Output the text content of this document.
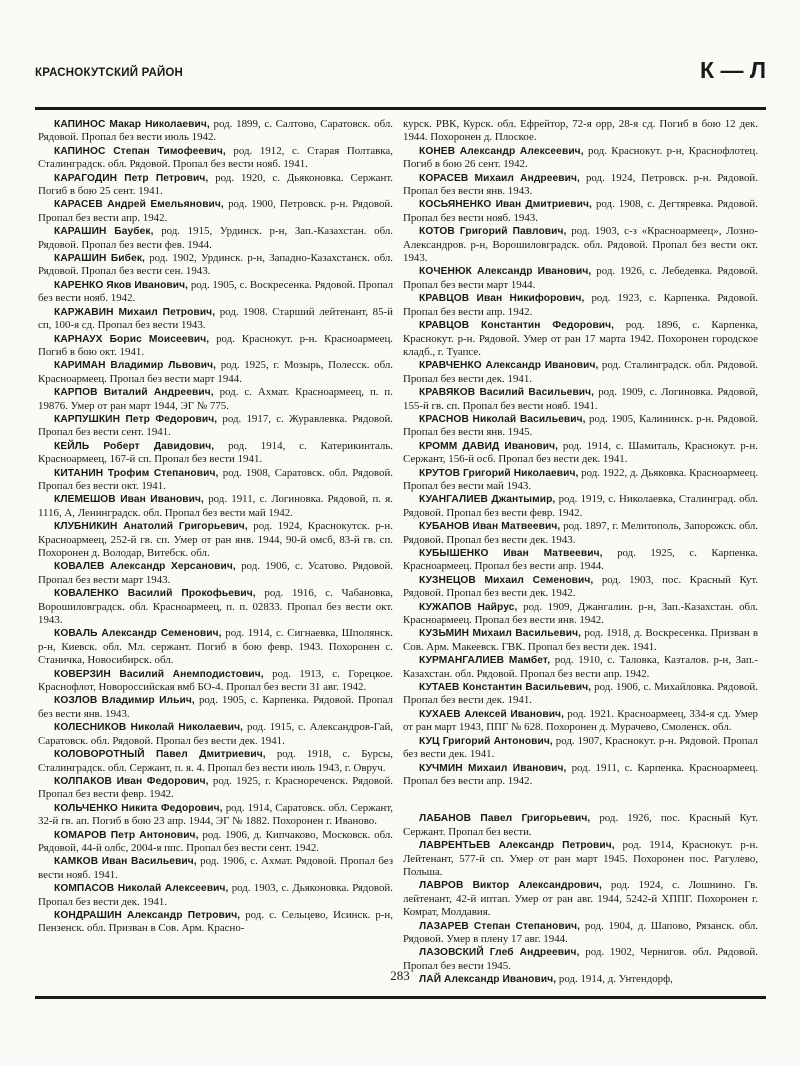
КРАСНОКУТСКИЙ РАЙОН	К — Л
КАПИНОС Макар Николаевич, род. 1899, с. Салтово, Саратовск. обл. Рядовой. Пропал без вести июль 1942.
КАПИНОС Степан Тимофеевич, род. 1912, с. Старая Полтавка, Сталинградск. обл. Рядовой. Пропал без вести нояб. 1941.
КАРАГОДИН Петр Петрович, род. 1920, с. Дьяконовка. Сержант. Погиб в бою 25 сент. 1941.
КАРАСЕВ Андрей Емельянович, род. 1900, Петровск. р-н. Рядовой. Пропал без вести апр. 1942.
КАРАШИН Баубек, род. 1915, Урдинск. р-н, Зап.-Казахстан. обл. Рядовой. Пропал без вести фев. 1944.
КАРАШИН Бибек, род. 1902, Урдинск. р-н, Западно-Казахстанск. обл. Рядовой. Пропал без вести сен. 1943.
КАРЕНКО Яков Иванович, род. 1905, с. Воскресенка. Рядовой. Пропал без вести нояб. 1942.
КАРЖАВИН Михаил Петрович, род. 1908. Старший лейтенант, 85-й сп, 100-я сд. Пропал без вести 1943.
КАРНАУХ Борис Моисеевич, род. Краснокут. р-н. Красноармеец. Погиб в бою окт. 1941.
КАРИМАН Владимир Львович, род. 1925, г. Мозырь, Полесск. обл. Красноармеец. Пропал без вести март 1944.
КАРПОВ Виталий Андреевич, род. с. Ахмат. Красноармеец, п. п. 19876. Умер от ран март 1944, ЭГ № 775.
КАРПУШКИН Петр Федорович, род. 1917, с. Журавлевка. Рядовой. Пропал без вести сент. 1941.
КЕЙЛЬ Роберт Давидович, род. 1914, с. Катерикинталь. Красноармеец, 167-й сп. Пропал без вести 1941.
КИТАНИН Трофим Степанович, род. 1908, Саратовск. обл. Рядовой. Пропал без вести окт. 1941.
КЛЕМЕШОВ Иван Иванович, род. 1911, с. Логиновка. Рядовой, п. я. 1116, А, Ленинградск. обл. Пропал без вести май 1942.
КЛУБНИКИН Анатолий Григорьевич, род. 1924, Краснокутск. р-н. Красноармеец, 252-й гв. сп. Умер от ран янв. 1944, 90-й омсб, 83-й гв. сп. Похоронен д. Володар, Витебск. обл.
КОВАЛЕВ Александр Херсанович, род. 1906, с. Усатово. Рядовой. Пропал без вести март 1943.
КОВАЛЕНКО Василий Прокофьевич, род. 1916, с. Чабановка, Ворошиловградск. обл. Красноармеец, п. п. 02833. Пропал без вести окт. 1943.
КОВАЛЬ Александр Семенович, род. 1914, с. Сигнаевка, Шполянск. р-н, Киевск. обл. Мл. сержант. Погиб в бою февр. 1943. Похоронен с. Станичка, Новосибирск. обл.
КОВЕРЗИН Василий Анемподистович, род. 1913, с. Горецкое. Краснофлот, Новороссийская вмб БО-4. Пропал без вести 31 авг. 1942.
КОЗЛОВ Владимир Ильич, род. 1905, с. Карпенка. Рядовой. Пропал без вести янв. 1943.
КОЛЕСНИКОВ Николай Николаевич, род. 1915, с. Александров-Гай, Саратовск. обл. Рядовой. Пропал без вести дек. 1941.
КОЛОВОРОТНЫЙ Павел Дмитриевич, род. 1918, с. Бурсы, Сталинградск. обл. Сержант, п. я. 4. Пропал без вести июль 1943, г. Овруч.
КОЛПАКОВ Иван Федорович, род. 1925, г. Краснореченск. Рядовой. Пропал без вести февр. 1942.
КОЛЬЧЕНКО Никита Федорович, род. 1914, Саратовск. обл. Сержант, 32-й гв. ап. Погиб в бою 23 апр. 1944, ЭГ № 1882. Похоронен г. Иваново.
КОМАРОВ Петр Антонович, род. 1906, д. Кипчаково, Московск. обл. Рядовой, 44-й олбс, 2004-я ппс. Пропал без вести сент. 1942.
КАМКОВ Иван Васильевич, род. 1906, с. Ахмат. Рядовой. Пропал без вести нояб. 1941.
КОМПАСОВ Николай Алексеевич, род. 1903, с. Дьяконовка. Рядовой. Пропал без вести дек. 1941.
КОНДРАШИН Александр Петрович, род. с. Сельцево, Исинск. р-н, Пензенск. обл. Призван в Сов. Арм. Красно-
курск. РВК, Курск. обл. Ефрейтор, 72-я орр, 28-я сд. Погиб в бою 12 дек. 1944. Похоронен д. Плоское.
КОНЕВ Александр Алексеевич, род. Краснокут. р-н, Краснофлотец. Погиб в бою 26 сент. 1942.
КОРАСЕВ Михаил Андреевич, род. 1924, Петровск. р-н. Рядовой. Пропал без вести янв. 1943.
КОСЬЯНЕНКО Иван Дмитриевич, род. 1908, с. Дегтяревка. Рядовой. Пропал без вести нояб. 1943.
КОТОВ Григорий Павлович, род. 1903, с-з «Красноармеец», Лозно-Александров. р-н, Ворошиловградск. обл. Рядовой. Пропал без вести окт. 1943.
КОЧЕНЮК Александр Иванович, род. 1926, с. Лебедевка. Рядовой. Пропал без вести март 1944.
КРАВЦОВ Иван Никифорович, род. 1923, с. Карпенка. Рядовой. Пропал без вести апр. 1942.
КРАВЦОВ Константин Федорович, род. 1896, с. Карпенка, Краснокут. р-н. Рядовой. Умер от ран 17 марта 1942. Похоронен городское кладб., г. Туапсе.
КРАВЧЕНКО Александр Иванович, род. Сталинградск. обл. Рядовой. Пропал без вести дек. 1941.
КРАВЯКОВ Василий Васильевич, род. 1909, с. Логиновка. Рядовой, 155-й гв. сп. Пропал без вести нояб. 1941.
КРАСНОВ Николай Васильевич, род. 1905, Калининск. р-н. Рядовой. Пропал без вести янв. 1945.
КРОММ ДАВИД Иванович, род. 1914, с. Шамиталь, Краснокут. р-н. Сержант, 156-й осб. Пропал без вести дек. 1941.
КРУТОВ Григорий Николаевич, род. 1922, д. Дьяковка. Красноармеец. Пропал без вести май 1943.
КУАНГАЛИЕВ Джантымир, род. 1919, с. Николаевка, Сталинград. обл. Рядовой. Пропал без вести февр. 1942.
КУБАНОВ Иван Матвеевич, род. 1897, г. Мелитополь, Запорожск. обл. Рядовой. Пропал без вести дек. 1943.
КУБЫШЕНКО Иван Матвеевич, род. 1925, с. Карпенка. Красноармеец. Пропал без вести апр. 1944.
КУЗНЕЦОВ Михаил Семенович, род. 1903, пос. Красный Кут. Рядовой. Пропал без вести дек. 1942.
КУЖАПОВ Найрус, род. 1909, Джангалин. р-н, Зап.-Казахстан. обл. Красноармеец. Пропал без вести янв. 1942.
КУЗЬМИН Михаил Васильевич, род. 1918, д. Воскресенка. Призван в Сов. Арм. Макеевск. ГВК. Пропал без вести дек. 1941.
КУРМАНГАЛИЕВ Мамбет, род. 1910, с. Таловка, Казталов. р-н, Зап.-Казахстан. обл. Рядовой. Пропал без вести апр. 1942.
КУТАЕВ Константин Васильевич, род. 1906, с. Михайловка. Рядовой. Пропал без вести дек. 1941.
КУХАЕВ Алексей Иванович, род. 1921. Красноармеец, 334-я сд. Умер от ран март 1943, ППГ № 628. Похоронен д. Мурачево, Смоленск. обл.
КУЦ Григорий Антонович, род. 1907, Краснокут. р-н. Рядовой. Пропал без вести дек. 1941.
КУЧМИН Михаил Иванович, род. 1911, с. Карпенка. Красноармеец. Пропал без вести апр. 1942.
ЛАБАНОВ Павел Григорьевич, род. 1926, пос. Красный Кут. Сержант. Пропал без вести.
ЛАВРЕНТЬЕВ Александр Петрович, род. 1914, Краснокут. р-н. Лейтенант, 577-й сп. Умер от ран март 1945. Похоронен пос. Рагулево, Польша.
ЛАВРОВ Виктор Александрович, род. 1924, с. Лошнино. Гв. лейтенант, 42-й иптап. Умер от ран авг. 1944, 5242-й ХППГ. Похоронен г. Комрат, Молдавия.
ЛАЗАРЕВ Степан Степанович, род. 1904, д. Шапово, Рязанск. обл. Рядовой. Умер в плену 17 авг. 1944.
ЛАЗОВСКИЙ Глеб Андреевич, род. 1902, Чернигов. обл. Рядовой. Пропал без вести 1945.
ЛАЙ Александр Иванович, род. 1914, д. Унтендорф,
283
